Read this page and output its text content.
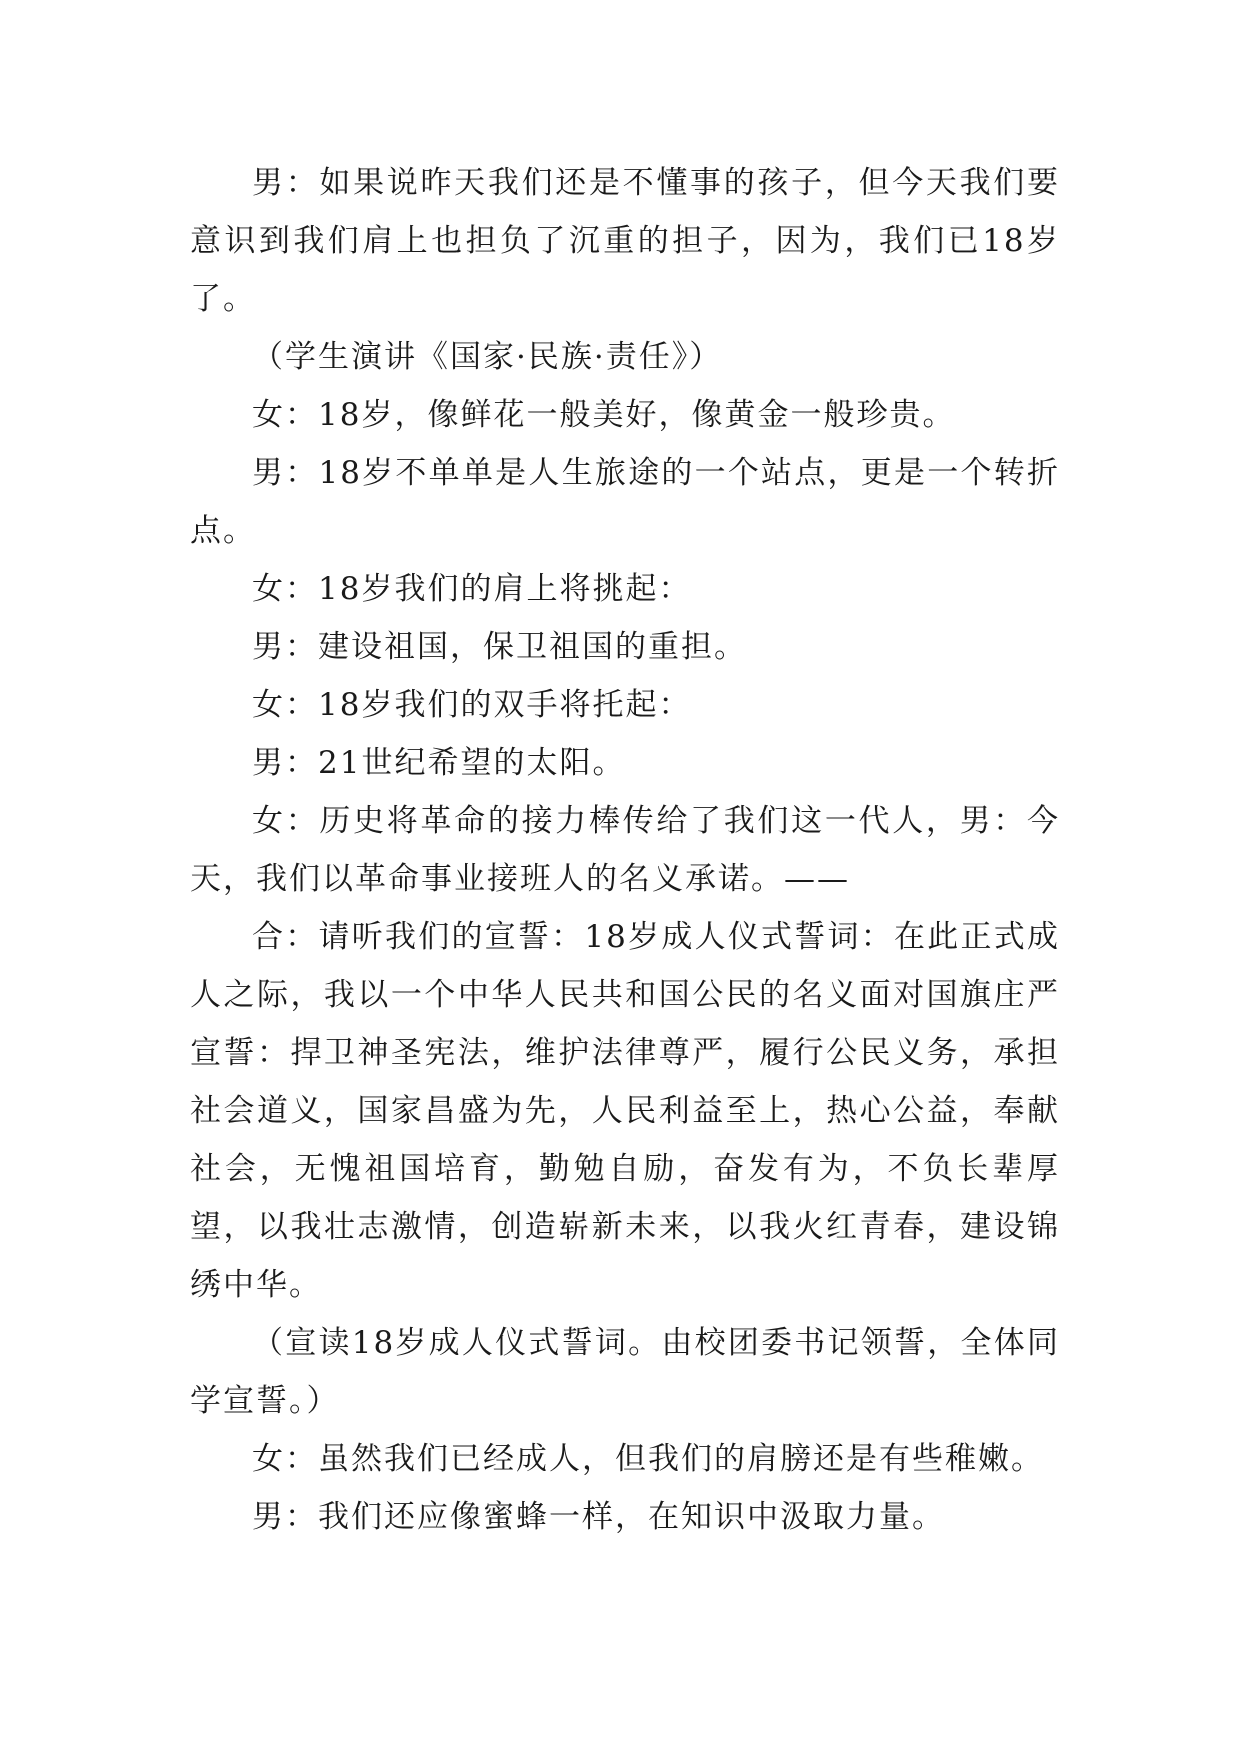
男：如果说昨天我们还是不懂事的孩子，但今天我们要意识到我们肩上也担负了沉重的担子，因为，我们已18岁了。

（学生演讲《国家·民族·责任》）

女：18岁，像鲜花一般美好，像黄金一般珍贵。

男：18岁不单单是人生旅途的一个站点，更是一个转折点。

女：18岁我们的肩上将挑起：

男：建设祖国，保卫祖国的重担。

女：18岁我们的双手将托起：

男：21世纪希望的太阳。

女：历史将革命的接力棒传给了我们这一代人，男：今天，我们以革命事业接班人的名义承诺。——

合：请听我们的宣誓：18岁成人仪式誓词：在此正式成人之际，我以一个中华人民共和国公民的名义面对国旗庄严宣誓：捍卫神圣宪法，维护法律尊严，履行公民义务，承担社会道义，国家昌盛为先，人民利益至上，热心公益，奉献社会，无愧祖国培育，勤勉自励，奋发有为，不负长辈厚望，以我壮志激情，创造崭新未来，以我火红青春，建设锦绣中华。

（宣读18岁成人仪式誓词。由校团委书记领誓，全体同学宣誓。）

女：虽然我们已经成人，但我们的肩膀还是有些稚嫩。

男：我们还应像蜜蜂一样，在知识中汲取力量。
